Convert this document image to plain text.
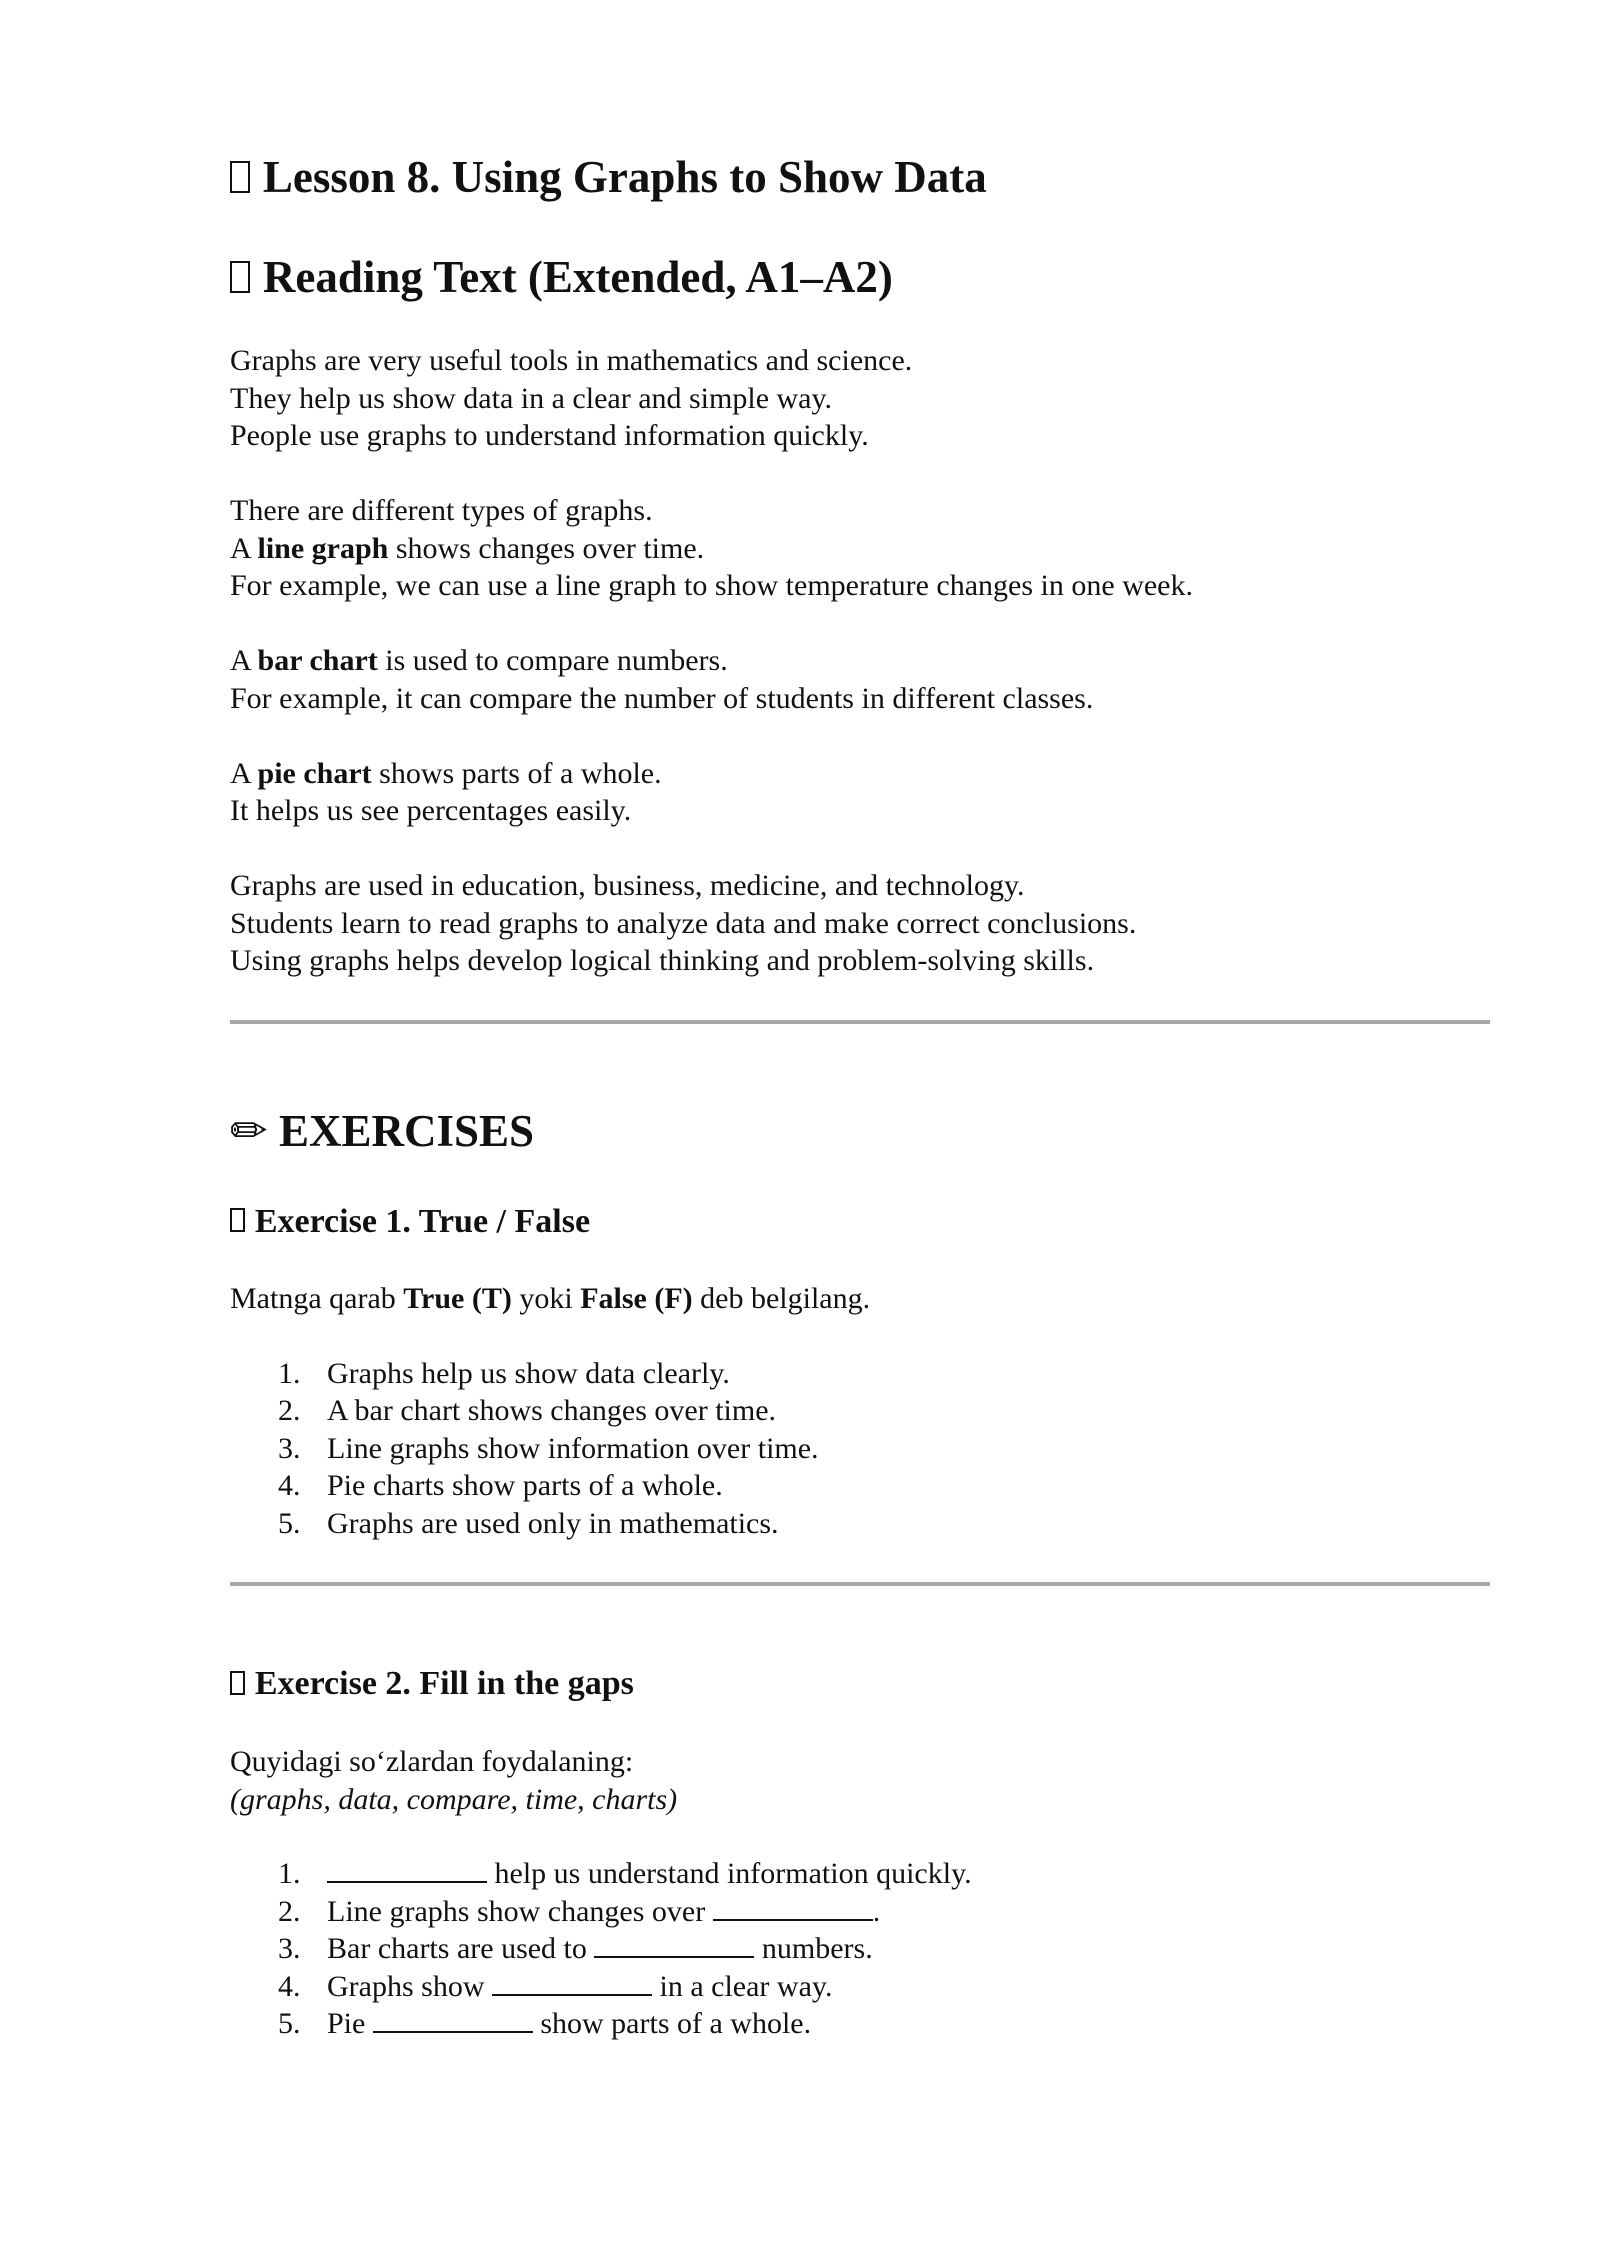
Lesson 8. Using Graphs to Show Data
Reading Text (Extended, A1–A2)

Graphs are very useful tools in mathematics and science.
They help us show data in a clear and simple way.
People use graphs to understand information quickly.

There are different types of graphs.
A line graph shows changes over time.
For example, we can use a line graph to show temperature changes in one week.

A bar chart is used to compare numbers.
For example, it can compare the number of students in different classes.

A pie chart shows parts of a whole.
It helps us see percentages easily.

Graphs are used in education, business, medicine, and technology.
Students learn to read graphs to analyze data and make correct conclusions.
Using graphs helps develop logical thinking and problem-solving skills.

✏ EXERCISES
Exercise 1. True / False
Matnga qarab True (T) yoki False (F) deb belgilang.
1. Graphs help us show data clearly.
2. A bar chart shows changes over time.
3. Line graphs show information over time.
4. Pie charts show parts of a whole.
5. Graphs are used only in mathematics.
Exercise 2. Fill in the gaps
Quyidagi so‘zlardan foydalaning:
(graphs, data, compare, time, charts)
1.	help us understand information quickly.
2. Line graphs show changes over	.
3. Bar charts are used to	numbers.
4. Graphs show	in a clear way.
5. Pie	show parts of a whole.
